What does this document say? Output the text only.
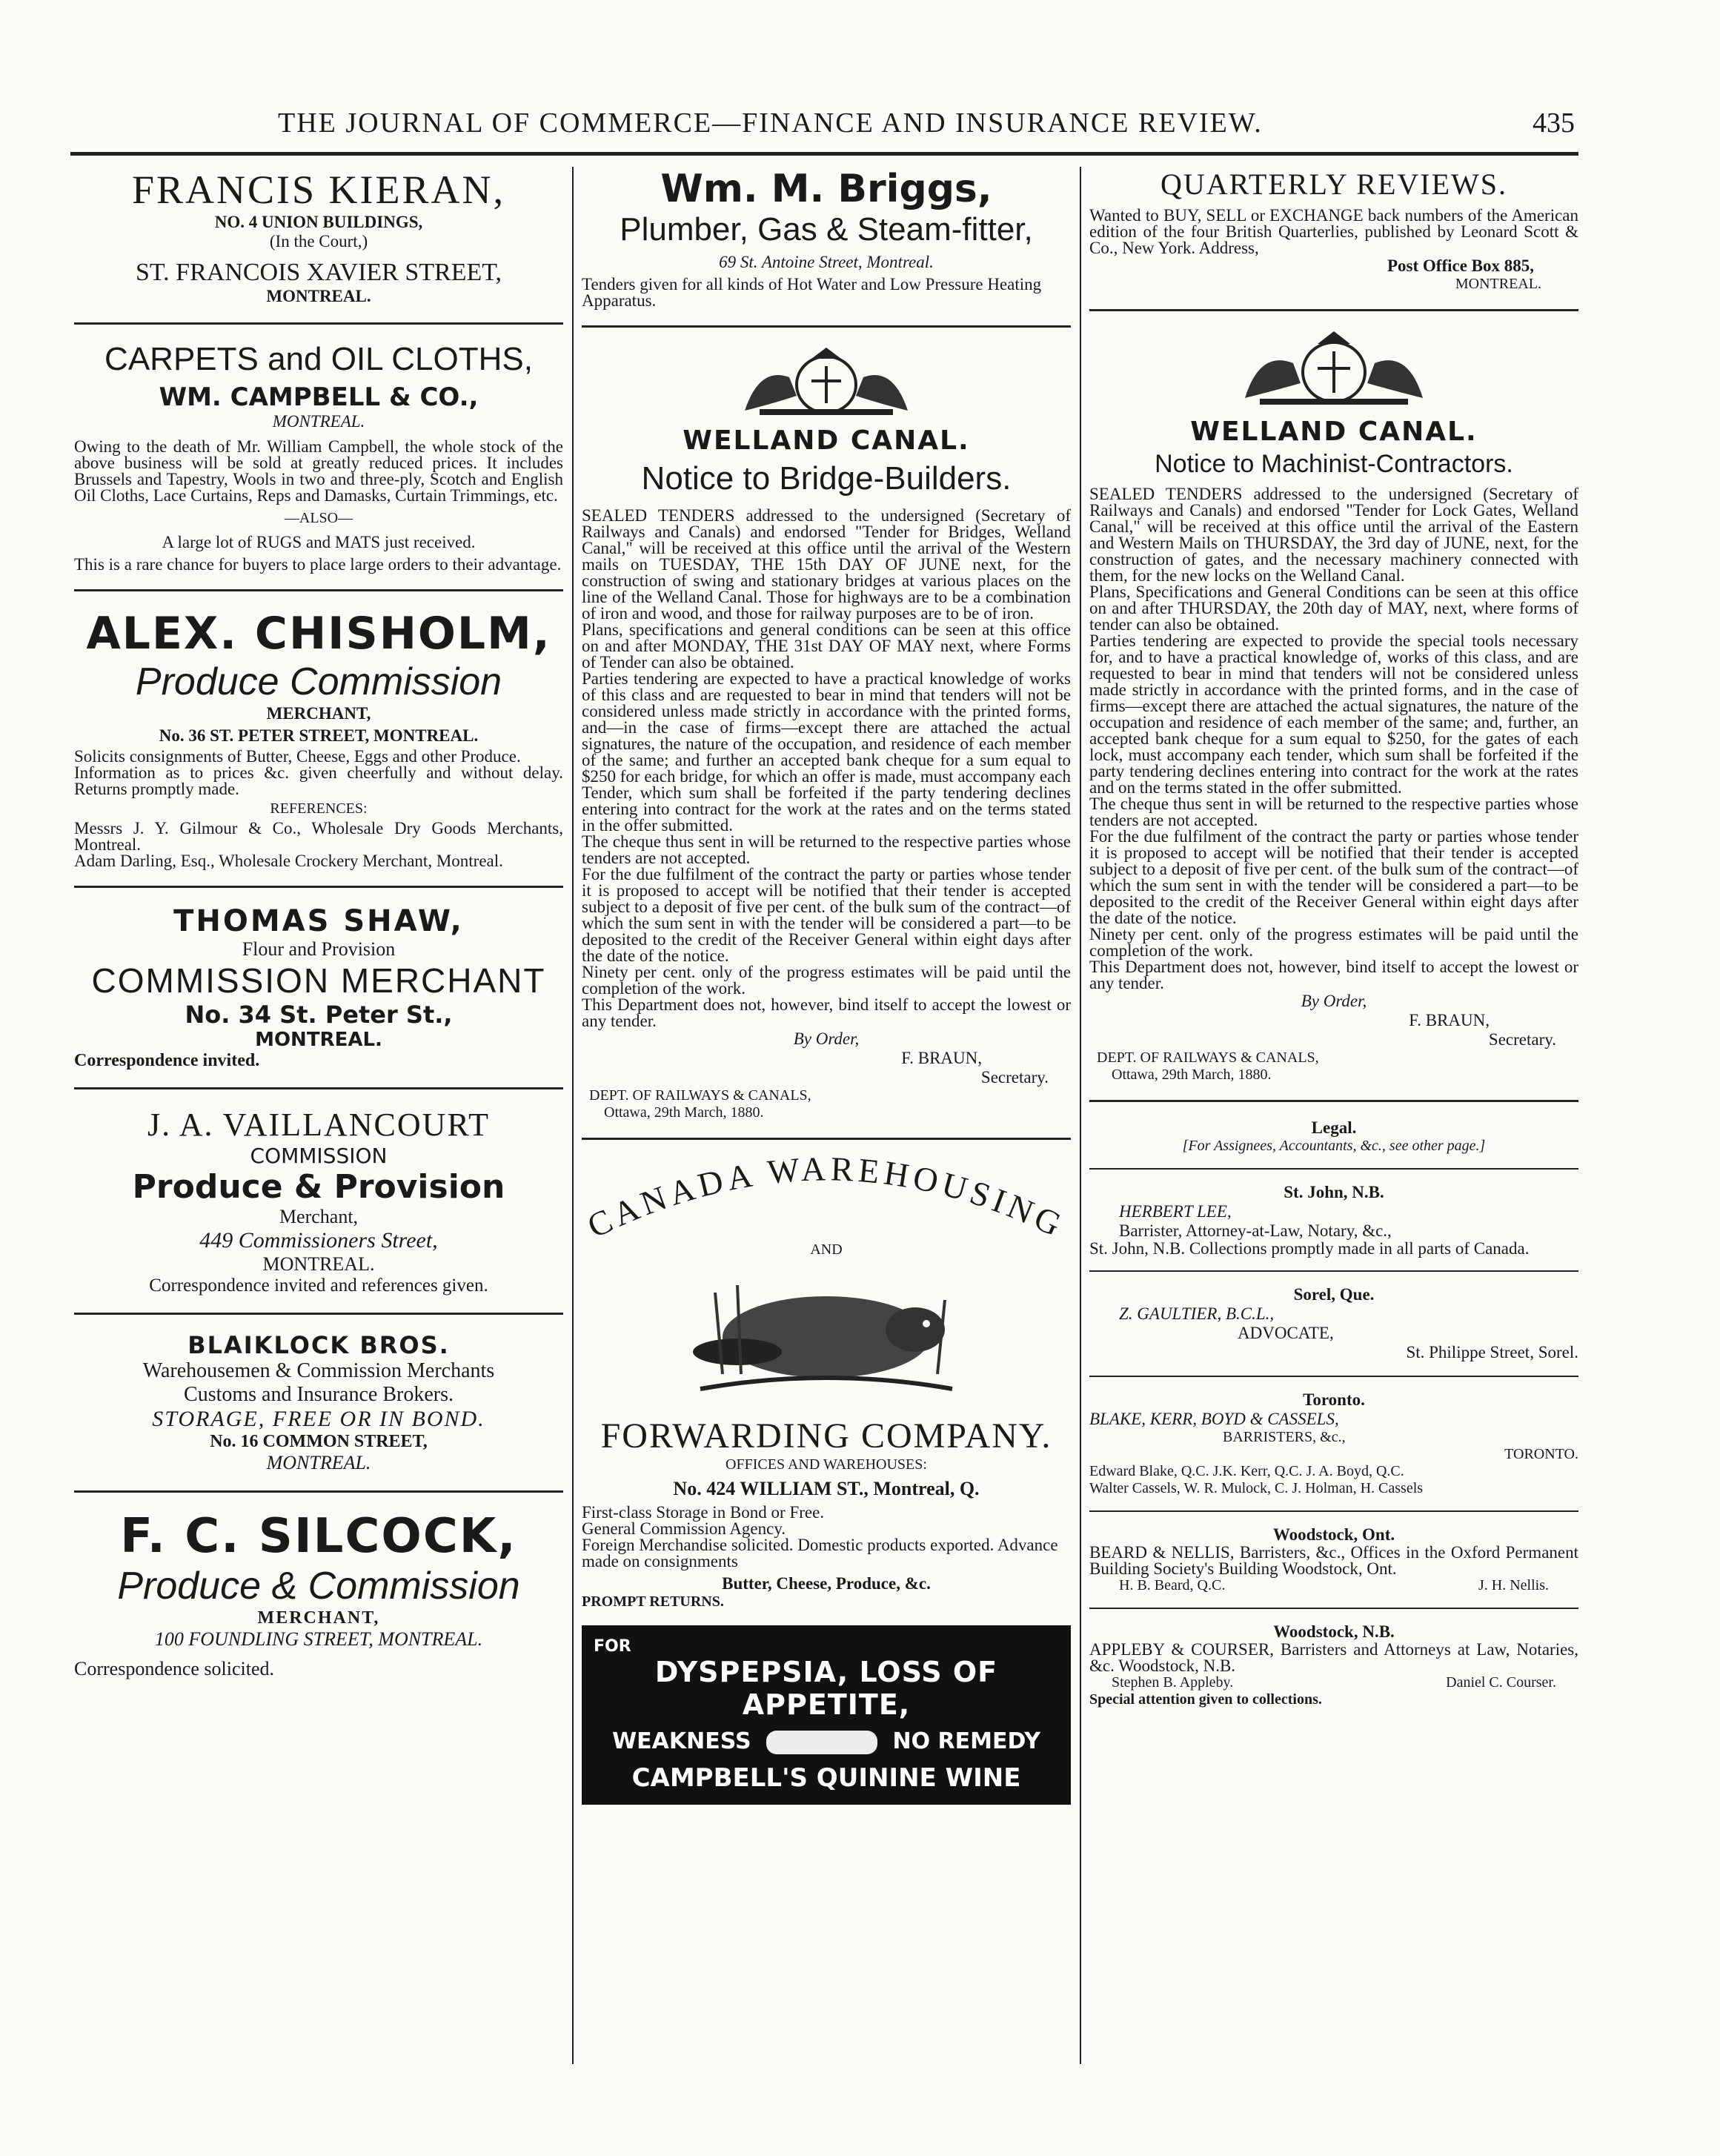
THE JOURNAL OF COMMERCE—FINANCE AND INSURANCE REVIEW.	435
FRANCIS KIERAN,
NO. 4 UNION BUILDINGS,
(In the Court,)
ST. FRANCOIS XAVIER STREET,
MONTREAL.
CARPETS and OIL CLOTHS,
WM. CAMPBELL & CO.,
MONTREAL.
Owing to the death of Mr. William Campbell, the whole stock of the above business will be sold at greatly reduced prices. It includes Brussels and Tapestry, Wools in two and three-ply, Scotch and English Oil Cloths, Lace Curtains, Reps and Damasks, Curtain Trimmings, etc.
—ALSO—
A large lot of RUGS and MATS just received.
This is a rare chance for buyers to place large orders to their advantage.
ALEX. CHISHOLM,
Produce Commission
MERCHANT,
No. 36 ST. PETER STREET, MONTREAL.
Solicits consignments of Butter, Cheese, Eggs and other Produce.
Information as to prices &c. given cheerfully and without delay. Returns promptly made.
REFERENCES:
Messrs J. Y. Gilmour & Co., Wholesale Dry Goods Merchants, Montreal.
Adam Darling, Esq., Wholesale Crockery Merchant, Montreal.
THOMAS SHAW,
Flour and Provision
COMMISSION MERCHANT
No. 34 St. Peter St.,
MONTREAL.
Correspondence invited.
J. A. VAILLANCOURT
COMMISSION
Produce & Provision
Merchant,
449 Commissioners Street,
MONTREAL.
Correspondence invited and references given.
BLAIKLOCK BROS.
Warehousemen & Commission Merchants
Customs and Insurance Brokers.
STORAGE, FREE OR IN BOND.
No. 16 COMMON STREET,
MONTREAL.
F. C. SILCOCK,
Produce & Commission
MERCHANT,
100 FOUNDLING STREET, MONTREAL.
Correspondence solicited.
Wm. M. Briggs,
Plumber, Gas & Steam-fitter,
69 St. Antoine Street, Montreal.
Tenders given for all kinds of Hot Water and Low Pressure Heating Apparatus.
WELLAND CANAL.
Notice to Bridge-Builders.
SEALED TENDERS addressed to the undersigned (Secretary of Railways and Canals) and endorsed "Tender for Bridges, Welland Canal," will be received at this office until the arrival of the Western mails on TUESDAY, THE 15th DAY OF JUNE next, for the construction of swing and stationary bridges at various places on the line of the Welland Canal. Those for highways are to be a combination of iron and wood, and those for railway purposes are to be of iron.
Plans, specifications and general conditions can be seen at this office on and after MONDAY, THE 31st DAY OF MAY next, where Forms of Tender can also be obtained.
Parties tendering are expected to have a practical knowledge of works of this class and are requested to bear in mind that tenders will not be considered unless made strictly in accordance with the printed forms, and—in the case of firms—except there are attached the actual signatures, the nature of the occupation, and residence of each member of the same; and further an accepted bank cheque for a sum equal to $250 for each bridge, for which an offer is made, must accompany each Tender, which sum shall be forfeited if the party tendering declines entering into contract for the work at the rates and on the terms stated in the offer submitted.
The cheque thus sent in will be returned to the respective parties whose tenders are not accepted.
For the due fulfilment of the contract the party or parties whose tender it is proposed to accept will be notified that their tender is accepted subject to a deposit of five per cent. of the bulk sum of the contract—of which the sum sent in with the tender will be considered a part—to be deposited to the credit of the Receiver General within eight days after the date of the notice.
Ninety per cent. only of the progress estimates will be paid until the completion of the work.
This Department does not, however, bind itself to accept the lowest or any tender.
By Order,
F. BRAUN,
Secretary.
DEPT. OF RAILWAYS & CANALS,
Ottawa, 29th March, 1880.
CANADA WAREHOUSING
AND
FORWARDING COMPANY.
OFFICES AND WAREHOUSES:
No. 424 WILLIAM ST., Montreal, Q.
First-class Storage in Bond or Free.
General Commission Agency.
Foreign Merchandise solicited. Domestic products exported. Advance made on consignments
Butter, Cheese, Produce, &c.
PROMPT RETURNS.
FOR
DYSPEPSIA, LOSS OF APPETITE,
WEAKNESS	NO REMEDY
CAMPBELL'S QUININE WINE
QUARTERLY REVIEWS.
Wanted to BUY, SELL or EXCHANGE back numbers of the American edition of the four British Quarterlies, published by Leonard Scott & Co., New York. Address,
Post Office Box 885,
MONTREAL.
WELLAND CANAL.
Notice to Machinist-Contractors.
SEALED TENDERS addressed to the undersigned (Secretary of Railways and Canals) and endorsed "Tender for Lock Gates, Welland Canal," will be received at this office until the arrival of the Eastern and Western Mails on THURSDAY, the 3rd day of JUNE, next, for the construction of gates, and the necessary machinery connected with them, for the new locks on the Welland Canal.
Plans, Specifications and General Conditions can be seen at this office on and after THURSDAY, the 20th day of MAY, next, where forms of tender can also be obtained.
Parties tendering are expected to provide the special tools necessary for, and to have a practical knowledge of, works of this class, and are requested to bear in mind that tenders will not be considered unless made strictly in accordance with the printed forms, and in the case of firms—except there are attached the actual signatures, the nature of the occupation and residence of each member of the same; and, further, an accepted bank cheque for a sum equal to $250, for the gates of each lock, must accompany each tender, which sum shall be forfeited if the party tendering declines entering into contract for the work at the rates and on the terms stated in the offer submitted.
The cheque thus sent in will be returned to the respective parties whose tenders are not accepted.
For the due fulfilment of the contract the party or parties whose tender it is proposed to accept will be notified that their tender is accepted subject to a deposit of five per cent. of the bulk sum of the contract—of which the sum sent in with the tender will be considered a part—to be deposited to the credit of the Receiver General within eight days after the date of the notice.
Ninety per cent. only of the progress estimates will be paid until the completion of the work.
This Department does not, however, bind itself to accept the lowest or any tender.
By Order,
F. BRAUN,
Secretary.
DEPT. OF RAILWAYS & CANALS,
Ottawa, 29th March, 1880.
Legal.
[For Assignees, Accountants, &c., see other page.]
St. John, N.B.
HERBERT LEE,
Barrister, Attorney-at-Law, Notary, &c.,
St. John, N.B. Collections promptly made in all parts of Canada.
Sorel, Que.
Z. GAULTIER, B.C.L.,
ADVOCATE,
St. Philippe Street, Sorel.
Toronto.
BLAKE, KERR, BOYD & CASSELS,
BARRISTERS, &c.,
TORONTO.
Edward Blake, Q.C. J.K. Kerr, Q.C. J. A. Boyd, Q.C.
Walter Cassels, W. R. Mulock, C. J. Holman, H. Cassels
Woodstock, Ont.
BEARD & NELLIS, Barristers, &c., Offices in the Oxford Permanent Building Society's Building Woodstock, Ont.
H. B. Beard, Q.C.	J. H. Nellis.
Woodstock, N.B.
APPLEBY & COURSER, Barristers and Attorneys at Law, Notaries, &c. Woodstock, N.B.
Stephen B. Appleby.	Daniel C. Courser.
Special attention given to collections.
